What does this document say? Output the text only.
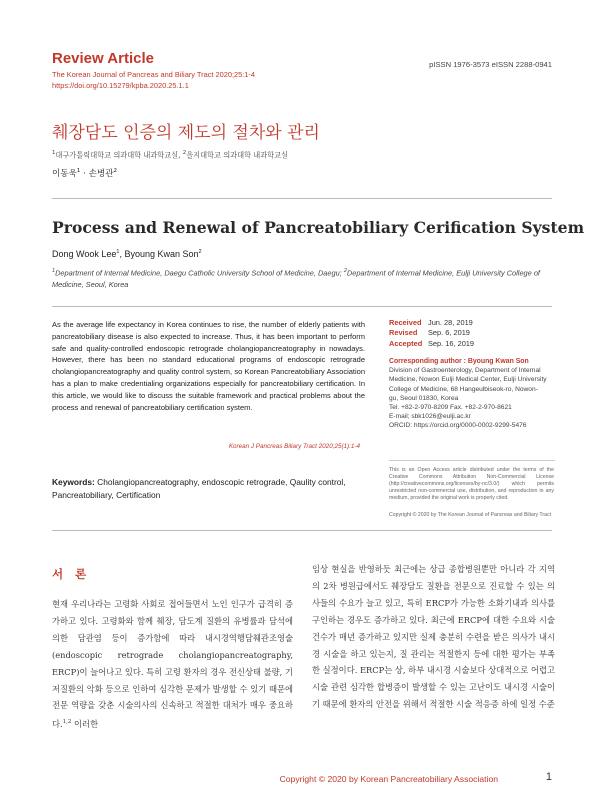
Review Article
The Korean Journal of Pancreas and Biliary Tract 2020;25:1-4
https://doi.org/10.15279/kpba.2020.25.1.1
pISSN 1976-3573 eISSN 2288-0941
췌장담도 인증의 제도의 절차와 관리
$^1$대구가톨릭대학교 의과대학 내과학교실, $^2$을지대학교 의과대학 내과학교실
이동욱$^1$ · 손병관$^2$
Process and Renewal of Pancreatobiliary Cerification System
Dong Wook Lee$^1$, Byoung Kwan Son$^2$
$^1$Department of Internal Medicine, Daegu Catholic University School of Medicine, Daegu; $^2$Department of Internal Medicine, Eulji University College of Medicine, Seoul, Korea
As the average life expectancy in Korea continues to rise, the number of elderly patients with pancreatobiliary disease is also expected to increase. Thus, it has been important to perform safe and quality-controlled endoscopic retrograde cholangiopancreatography in nowadays. However, there has been no standard educational programs of endoscopic retrograde cholangiopancreatography and quality control system, so Korean Pancreatobiliary Association has a plan to make credentialing organizations especially for pancreatobiliary certification. In this article, we would like to discuss the suitable framework and practical problems about the process and renewal of pancreatobiliary certification system.
Korean J Pancreas Biliary Tract 2020;25(1):1-4
Keywords: Cholangiopancreatography, endoscopic retrograde, Qaulity control, Pancreatobiliary, Certification
Received Jun. 28, 2019
Revised Sep. 6, 2019
Accepted Sep. 16, 2019
Corresponding author : Byoung Kwan Son
Division of Gastroenterology, Department of Internal
Medicine, Nowon Eulji Medical Center, Eulji University
College of Medicine, 68 Hangeulbiseok-ro, Nowon-
gu, Seoul 01830, Korea
Tel. +82-2-970-8209 Fax. +82-2-970-8621
E-mail; sbk1026@eulji.ac.kr
ORCID: https://orcid.org/0000-0002-9299-5476
This is an Open Access article distributed under the terms of the Creative Commons Attribution Non-Commercial License (http://creativecommons.org/licenses/by-nc/3.0/) which permits unrestricted non-commercial use, distribution, and reproduction in any medium, provided the original work is properly cited.
Copyright © 2020 by The Korean Journal of Pancreas and Biliary Tract
서 론
현재 우리나라는 고령화 사회로 접어들면서 노인 인구가 급격히 증가하고 있다. 고령화와 함께 췌장, 담도계 질환의 유병률과 담석에 의한 담관염 등이 증가함에 따라 내시경역행담췌관조영술(endoscopic retrograde cholangiopancreatography, ERCP)이 늘어나고 있다. 특히 고령 환자의 경우 전신상태 불량, 기저질환의 악화 등으로 인하여 심각한 문제가 발생할 수 있기 때문에 전문 역량을 갖춘 시술의사의 신속하고 적절한 대처가 매우 중요하다.$^{1,2}$ 이러한
임상 현실을 반영하듯 최근에는 상급 종합병원뿐만 아니라 각 지역의 2차 병원급에서도 췌장담도 질환을 전문으로 진료할 수 있는 의사들의 수요가 늘고 있고, 특히 ERCP가 가능한 소화기내과 의사를 구인하는 경우도 증가하고 있다. 최근에 ERCP에 대한 수요와 시술건수가 매년 증가하고 있지만 실제 충분히 수련을 받은 의사가 내시경 시술을 하고 있는지, 질 관리는 적절한지 등에 대한 평가는 부족한 실정이다. ERCP는 상, 하부 내시경 시술보다 상대적으로 어렵고 시술 관련 심각한 합병증이 발생할 수 있는 고난이도 내시경 시술이기 때문에 환자의 안전을 위해서 적절한 시술 적응증 하에 일정 수준
Copyright © 2020 by Korean Pancreatobiliary Association	1
